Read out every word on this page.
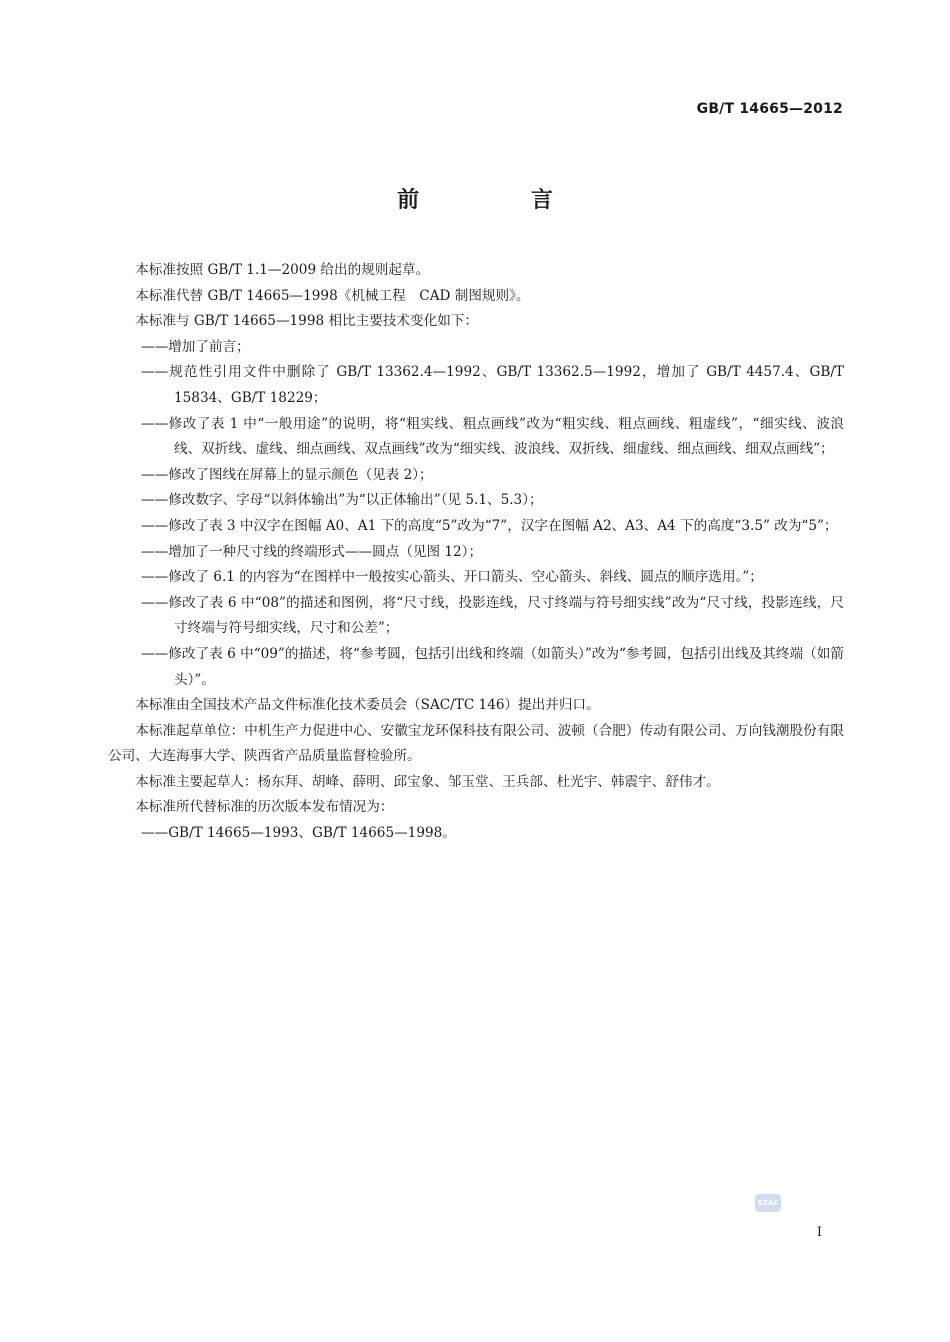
GB/T 14665—2012
前 言

本标准按照 GB/T 1.1—2009 给出的规则起草。

本标准代替 GB/T 14665—1998《机械工程　CAD 制图规则》。

本标准与 GB/T 14665—1998 相比主要技术变化如下：

——增加了前言；

——规范性引用文件中删除了 GB/T 13362.4—1992、GB/T 13362.5—1992，增加了 GB/T 4457.4、GB/T 15834、GB/T 18229；

——修改了表 1 中“一般用途”的说明，将“粗实线、粗点画线”改为“粗实线、粗点画线、粗虚线”，“细实线、波浪线、双折线、虚线、细点画线、双点画线”改为“细实线、波浪线、双折线、细虚线、细点画线、细双点画线”；

——修改了图线在屏幕上的显示颜色（见表 2）；

——修改数字、字母“以斜体输出”为“以正体输出”（见 5.1、5.3）；

——修改了表 3 中汉字在图幅 A0、A1 下的高度“5”改为“7”，汉字在图幅 A2、A3、A4 下的高度“3.5” 改为“5”；

——增加了一种尺寸线的终端形式——圆点（见图 12）；

——修改了 6.1 的内容为“在图样中一般按实心箭头、开口箭头、空心箭头、斜线、圆点的顺序选用。”；

——修改了表 6 中“08”的描述和图例，将“尺寸线，投影连线，尺寸终端与符号细实线”改为“尺寸线，投影连线，尺寸终端与符号细实线，尺寸和公差”；

——修改了表 6 中“09”的描述，将“参考圆，包括引出线和终端（如箭头）”改为“参考圆，包括引出线及其终端（如箭头）”。

本标准由全国技术产品文件标准化技术委员会（SAC/TC 146）提出并归口。

本标准起草单位：中机生产力促进中心、安徽宝龙环保科技有限公司、波顿（合肥）传动有限公司、万向钱潮股份有限公司、大连海事大学、陕西省产品质量监督检验所。

本标准主要起草人：杨东拜、胡峰、薛明、邱宝象、邹玉堂、王兵部、杜光宇、韩震宇、舒伟才。

本标准所代替标准的历次版本发布情况为：

——GB/T 14665—1993、GB/T 14665—1998。

SZAC
I
